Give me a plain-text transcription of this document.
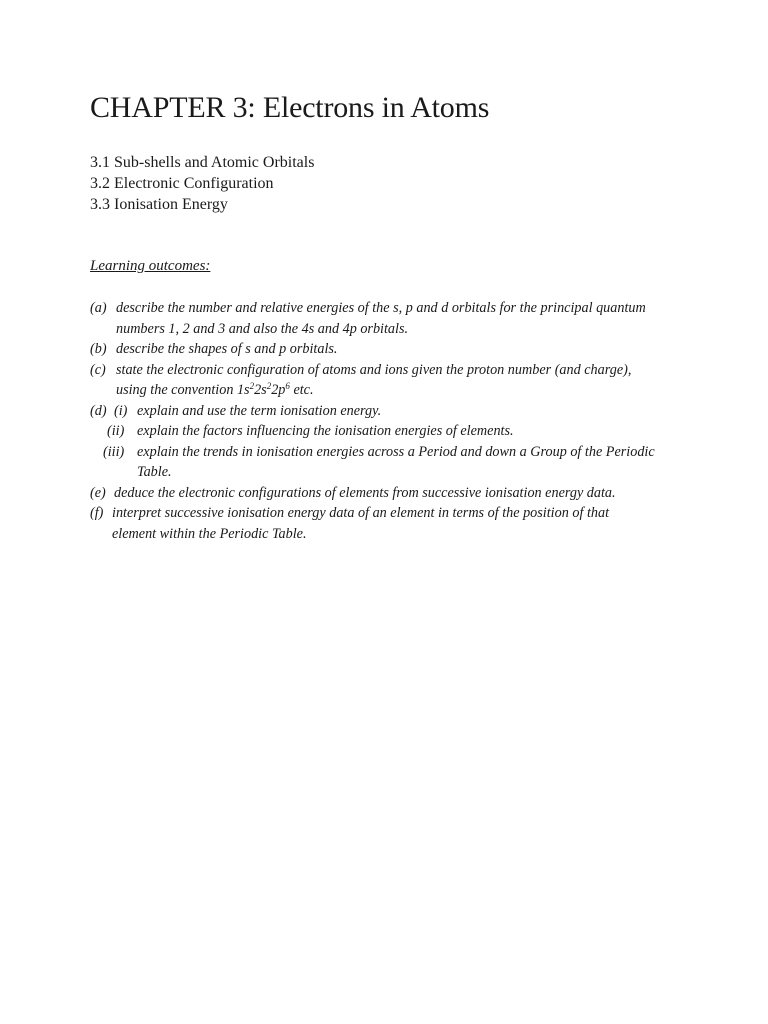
CHAPTER 3: Electrons in Atoms
3.1 Sub-shells and Atomic Orbitals
3.2 Electronic Configuration
3.3 Ionisation Energy
Learning outcomes:
(a) describe the number and relative energies of the s, p and d orbitals for the principal quantum
numbers 1, 2 and 3 and also the 4s and 4p orbitals.
(b) describe the shapes of s and p orbitals.
(c) state the electronic configuration of atoms and ions given the proton number (and charge),
using the convention $1s^22s^22p^6$ etc.
(d) (i) explain and use the term ionisation energy.
(ii) explain the factors influencing the ionisation energies of elements.
(iii) explain the trends in ionisation energies across a Period and down a Group of the Periodic
Table.
(e) deduce the electronic configurations of elements from successive ionisation energy data.
(f) interpret successive ionisation energy data of an element in terms of the position of that
element within the Periodic Table.
